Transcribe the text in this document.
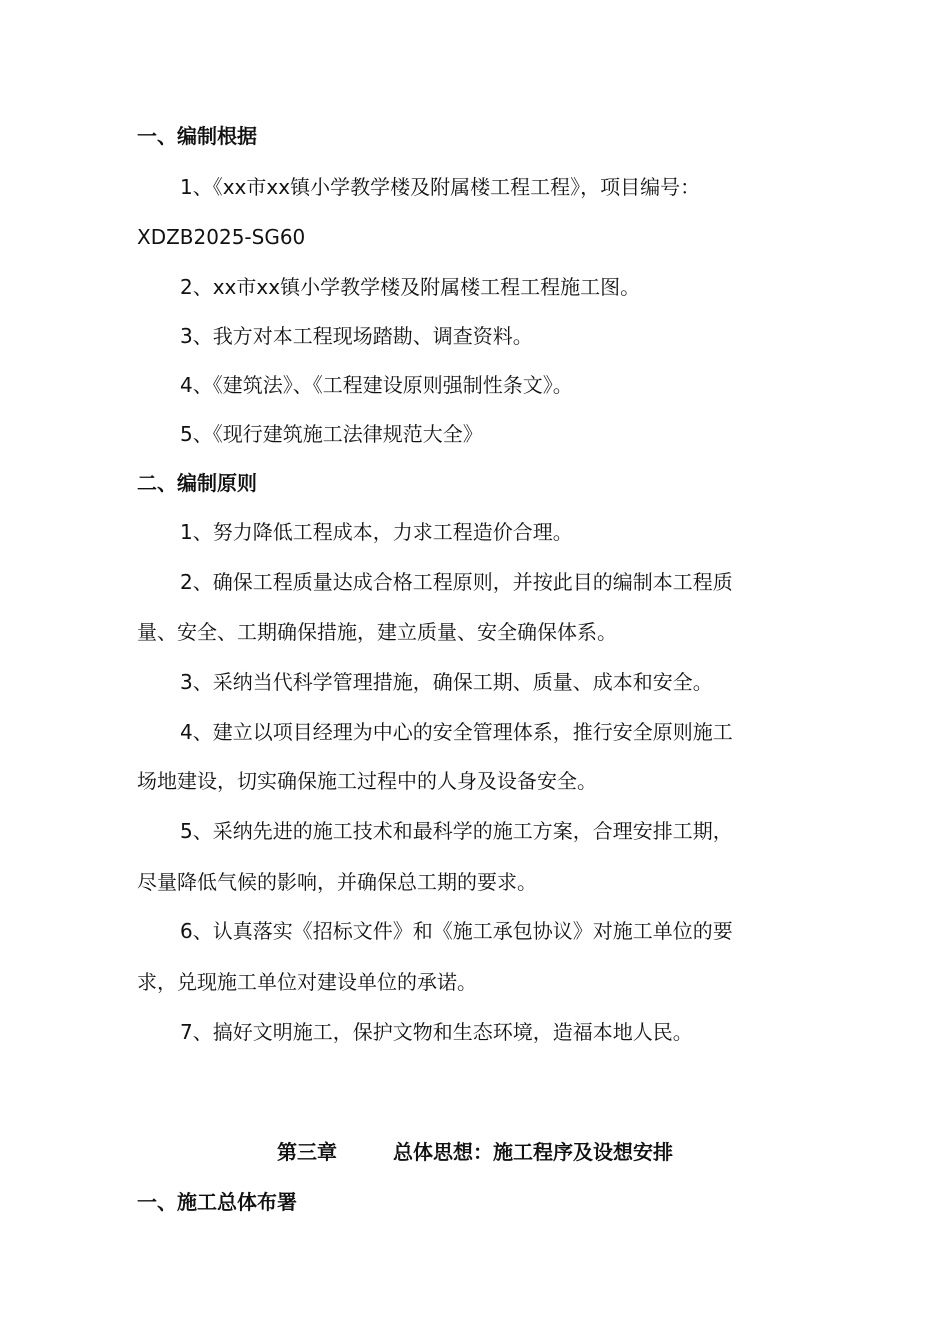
一、编制根据
1、《xx市xx镇小学教学楼及附属楼工程工程》，项目编号：
XDZB2025-SG60
2、xx市xx镇小学教学楼及附属楼工程工程施工图。
3、我方对本工程现场踏勘、调查资料。
4、《建筑法》、《工程建设原则强制性条文》。
5、《现行建筑施工法律规范大全》
二、编制原则
1、努力降低工程成本，力求工程造价合理。
2、确保工程质量达成合格工程原则，并按此目的编制本工程质
量、安全、工期确保措施，建立质量、安全确保体系。
3、采纳当代科学管理措施，确保工期、质量、成本和安全。
4、建立以项目经理为中心的安全管理体系，推行安全原则施工
场地建设，切实确保施工过程中的人身及设备安全。
5、采纳先进的施工技术和最科学的施工方案，合理安排工期，
尽量降低气候的影响，并确保总工期的要求。
6、认真落实《招标文件》和《施工承包协议》对施工单位的要
求，兑现施工单位对建设单位的承诺。
7、搞好文明施工，保护文物和生态环境，造福本地人民。
第三章	总体思想：施工程序及设想安排
一、施工总体布署
